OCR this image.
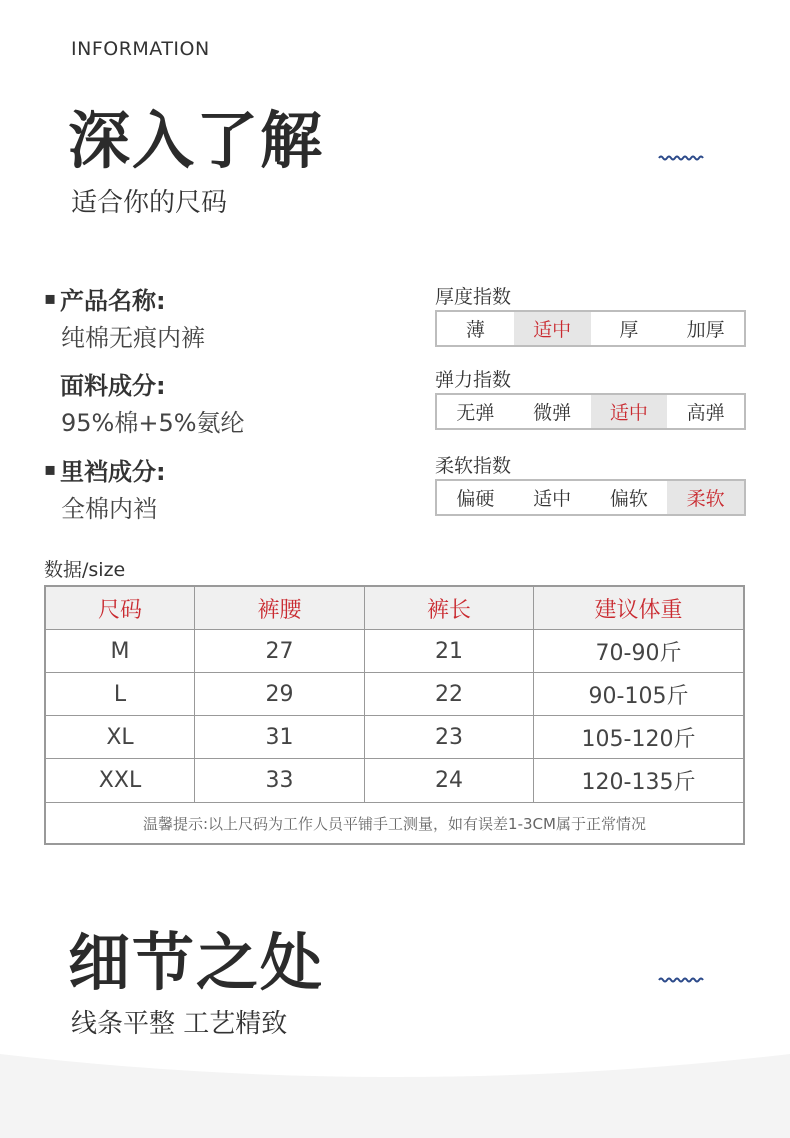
INFORMATION
深入了解
适合你的尺码
▪ 产品名称:
纯棉无痕内裤
面料成分:
95%棉+5%氨纶
▪ 里裆成分:
全棉内裆
厚度指数
薄	适中	厚	加厚
弹力指数
无弹	微弹	适中	高弹
柔软指数
偏硬	适中	偏软	柔软
数据/size
尺码	裤腰	裤长	建议体重
M	27	21	70-90斤
L	29	22	90-105斤
XL	31	23	105-120斤
XXL	33	24	120-135斤
温馨提示:以上尺码为工作人员平铺手工测量，如有误差1-3CM属于正常情况
细节之处
线条平整 工艺精致
